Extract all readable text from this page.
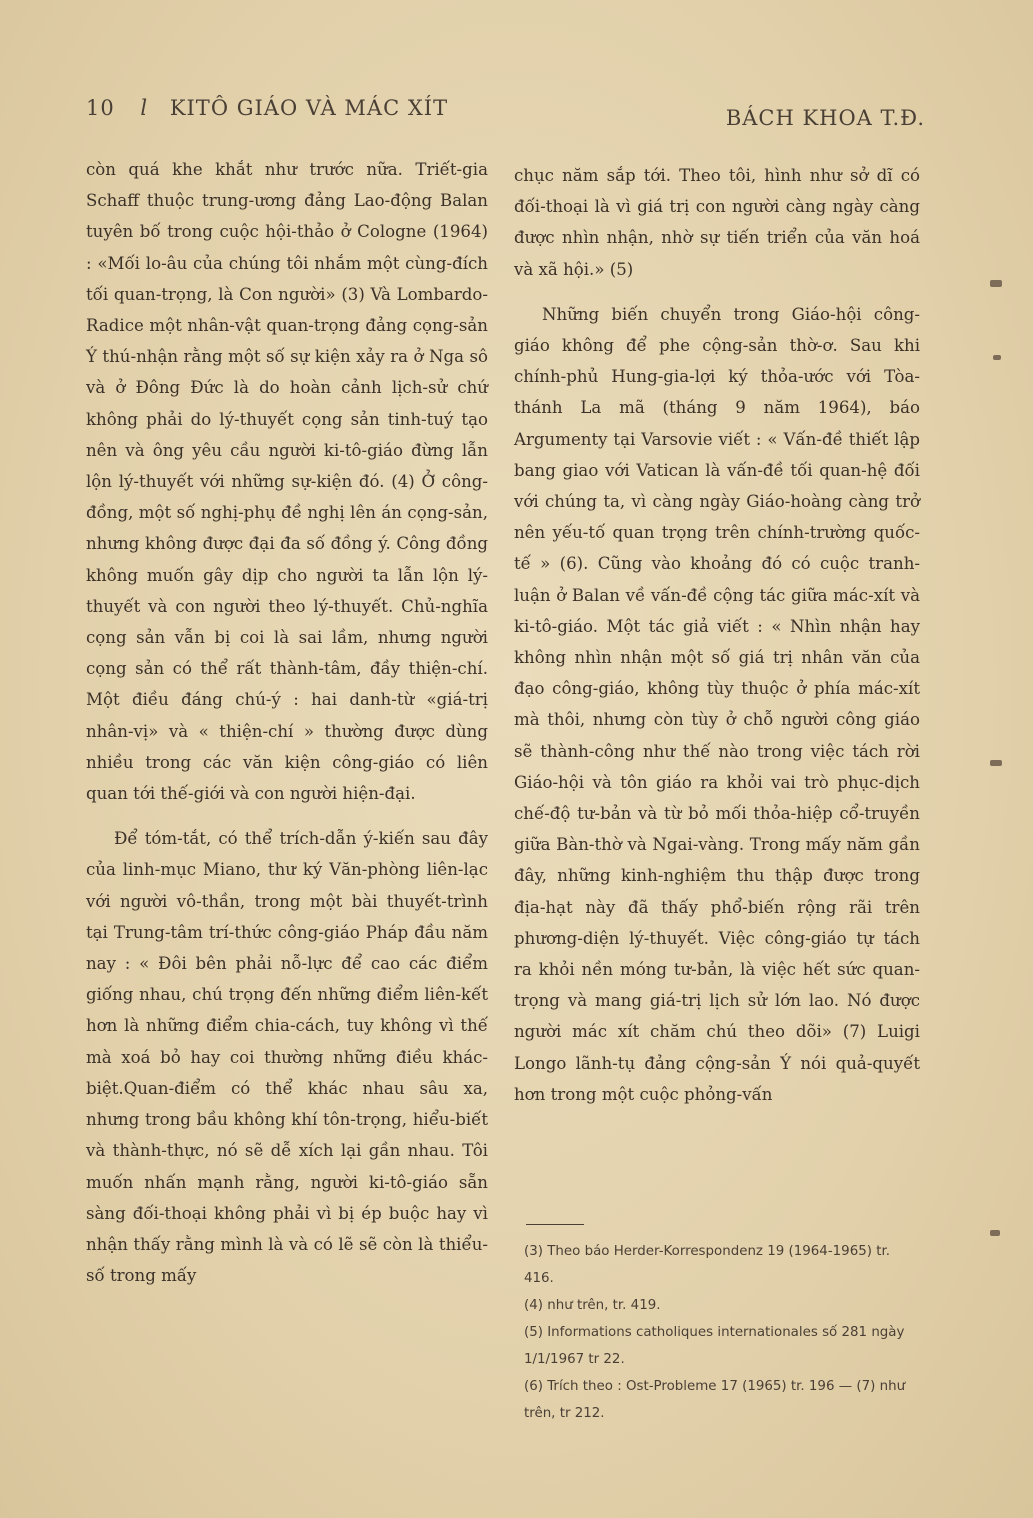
10 l KITÔ GIÁO VÀ MÁC XÍT	BÁCH KHOA T.Đ.

còn quá khe khắt như trước nữa. Triết-gia Schaff thuộc trung-ương đảng Lao-động Balan tuyên bố trong cuộc hội-thảo ở Cologne (1964) : «Mối lo-âu của chúng tôi nhắm một cùng-đích tối quan-trọng, là Con người» (3) Và Lombardo-Radice một nhân-vật quan-trọng đảng cọng-sản Ý thú-nhận rằng một số sự kiện xảy ra ở Nga sô và ở Đông Đức là do hoàn cảnh lịch-sử chứ không phải do lý-thuyết cọng sản tinh-tuý tạo nên và ông yêu cầu người ki-tô-giáo đừng lẫn lộn lý-thuyết với những sự-kiện đó. (4) Ở công-đồng, một số nghị-phụ đề nghị lên án cọng-sản, nhưng không được đại đa số đồng ý. Công đồng không muốn gây dịp cho người ta lẫn lộn lý-thuyết và con người theo lý-thuyết. Chủ-nghĩa cọng sản vẫn bị coi là sai lầm, nhưng người cọng sản có thể rất thành-tâm, đầy thiện-chí. Một điều đáng chú-ý : hai danh-từ «giá-trị nhân-vị» và « thiện-chí » thường được dùng nhiều trong các văn kiện công-giáo có liên quan tới thế-giới và con người hiện-đại.

Để tóm-tắt, có thể trích-dẫn ý-kiến sau đây của linh-mục Miano, thư ký Văn-phòng liên-lạc với người vô-thần, trong một bài thuyết-trình tại Trung-tâm trí-thức công-giáo Pháp đầu năm nay : « Đôi bên phải nỗ-lực để cao các điểm giống nhau, chú trọng đến những điểm liên-kết hơn là những điểm chia-cách, tuy không vì thế mà xoá bỏ hay coi thường những điều khác-biệt.Quan-điểm có thể khác nhau sâu xa, nhưng trong bầu không khí tôn-trọng, hiểu-biết và thành-thực, nó sẽ dễ xích lại gần nhau. Tôi muốn nhấn mạnh rằng, người ki-tô-giáo sẵn sàng đối-thoại không phải vì bị ép buộc hay vì nhận thấy rằng mình là và có lẽ sẽ còn là thiểu-số trong mấy

chục năm sắp tới. Theo tôi, hình như sở dĩ có đối-thoại là vì giá trị con người càng ngày càng được nhìn nhận, nhờ sự tiến triển của văn hoá và xã hội.» (5)

Những biến chuyển trong Giáo-hội công-giáo không để phe cộng-sản thờ-ơ. Sau khi chính-phủ Hung-gia-lợi ký thỏa-ước với Tòa-thánh La mã (tháng 9 năm 1964), báo Argumenty tại Varsovie viết : « Vấn-đề thiết lập bang giao với Vatican là vấn-đề tối quan-hệ đối với chúng ta, vì càng ngày Giáo-hoàng càng trở nên yếu-tố quan trọng trên chính-trường quốc-tế » (6). Cũng vào khoảng đó có cuộc tranh-luận ở Balan về vấn-đề cộng tác giữa mác-xít và ki-tô-giáo. Một tác giả viết : « Nhìn nhận hay không nhìn nhận một số giá trị nhân văn của đạo công-giáo, không tùy thuộc ở phía mác-xít mà thôi, nhưng còn tùy ở chỗ người công giáo sẽ thành-công như thế nào trong việc tách rời Giáo-hội và tôn giáo ra khỏi vai trò phục-dịch chế-độ tư-bản và từ bỏ mối thỏa-hiệp cổ-truyền giữa Bàn-thờ và Ngai-vàng. Trong mấy năm gần đây, những kinh-nghiệm thu thập được trong địa-hạt này đã thấy phổ-biến rộng rãi trên phương-diện lý-thuyết. Việc công-giáo tự tách ra khỏi nền móng tư-bản, là việc hết sức quan-trọng và mang giá-trị lịch sử lớn lao. Nó được người mác xít chăm chú theo dõi» (7) Luigi Longo lãnh-tụ đảng cộng-sản Ý nói quả-quyết hơn trong một cuộc phỏng-vấn

(3) Theo báo Herder-Korrespondenz 19 (1964-1965) tr. 416.

(4) như trên, tr. 419.

(5) Informations catholiques internationales số 281 ngày 1/1/1967 tr 22.

(6) Trích theo : Ost-Probleme 17 (1965) tr. 196 — (7) như trên, tr 212.
